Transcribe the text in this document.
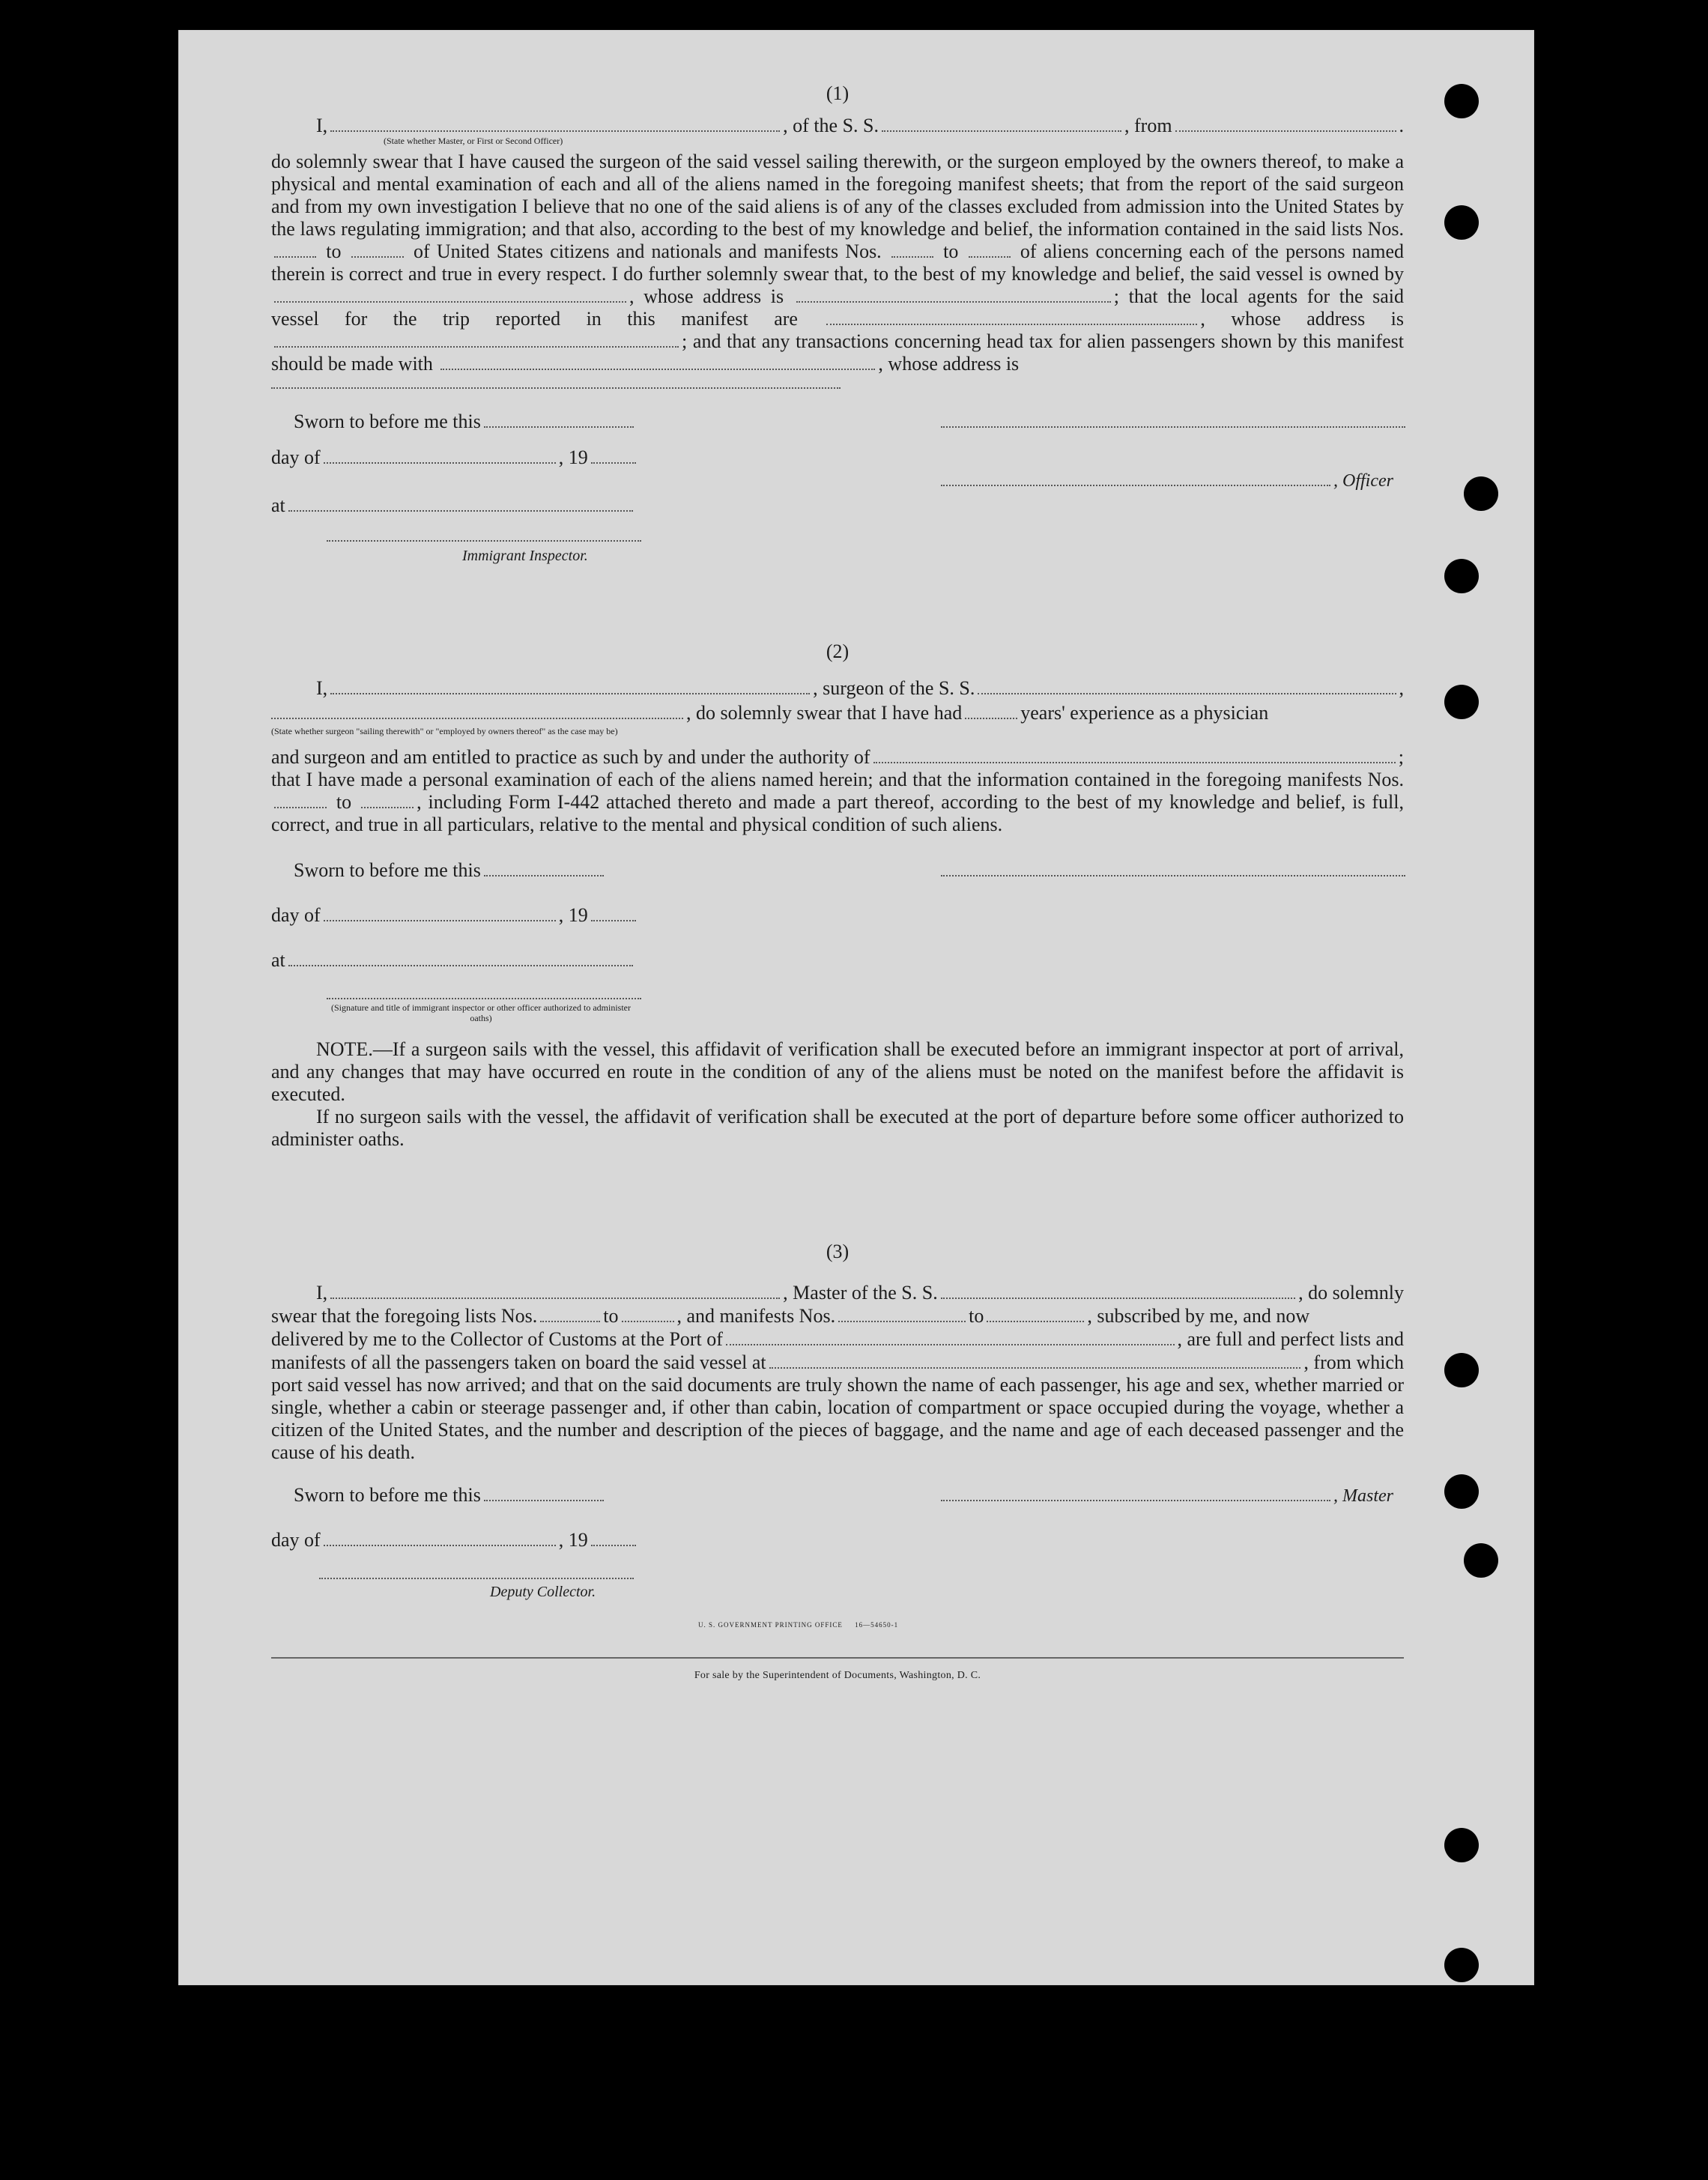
(1)

I,	, of the S. S.	, from	.
(State whether Master, or First or Second Officer)

do solemnly swear that I have caused the surgeon of the said vessel sailing therewith, or the surgeon employed by the owners thereof, to make a physical and mental examination of each and all of the aliens named in the foregoing manifest sheets; that from the report of the said surgeon and from my own investigation I believe that no one of the said aliens is of any of the classes excluded from admission into the United States by the laws regulating immigration; and that also, according to the best of my knowledge and belief, the information contained in the said lists Nos.  to	of United States citizens and nationals and manifests Nos.	to	of aliens concerning each of the persons named therein is correct and true in every respect. I do further solemnly swear that, to the best of my knowledge and belief, the said vessel is owned by , whose address is	; that the local agents for the said vessel for the trip reported in this manifest are	, whose address is ; and that any transactions concerning head tax for alien passengers shown by this manifest should be made with	, whose address is

Sworn to before me this
day of	, 19
, Officer
at
Immigrant Inspector.

(2)

I,	, surgeon of the S. S.	,
, do solemnly swear that I have had	years' experience as a physician
(State whether surgeon "sailing therewith" or "employed by owners thereof" as the case may be)
and surgeon and am entitled to practice as such by and under the authority of	;

that I have made a personal examination of each of the aliens named herein; and that the information contained in the foregoing manifests Nos.  to	, including Form I-442 attached thereto and made a part thereof, according to the best of my knowledge and belief, is full, correct, and true in all particulars, relative to the mental and physical condition of such aliens.

Sworn to before me this
day of	, 19
at
(Signature and title of immigrant inspector or other officer authorized to administer oaths)

NOTE.—If a surgeon sails with the vessel, this affidavit of verification shall be executed before an immigrant inspector at port of arrival, and any changes that may have occurred en route in the condition of any of the aliens must be noted on the manifest before the affidavit is executed.

If no surgeon sails with the vessel, the affidavit of verification shall be executed at the port of departure before some officer authorized to administer oaths.

(3)

I,	, Master of the S. S.	, do solemnly
swear that the foregoing lists Nos.	to	, and manifests Nos.	to	, subscribed by me, and now
delivered by me to the Collector of Customs at the Port of	, are full and perfect lists and
manifests of all the passengers taken on board the said vessel at	, from which

port said vessel has now arrived; and that on the said documents are truly shown the name of each passenger, his age and sex, whether married or single, whether a cabin or steerage passenger and, if other than cabin, location of compartment or space occupied during the voyage, whether a citizen of the United States, and the number and description of the pieces of baggage, and the name and age of each deceased passenger and the cause of his death.

Sworn to before me this	, Master
day of	, 19
Deputy Collector.
U. S. GOVERNMENT PRINTING OFFICE     16—54650-1
For sale by the Superintendent of Documents, Washington, D. C.
